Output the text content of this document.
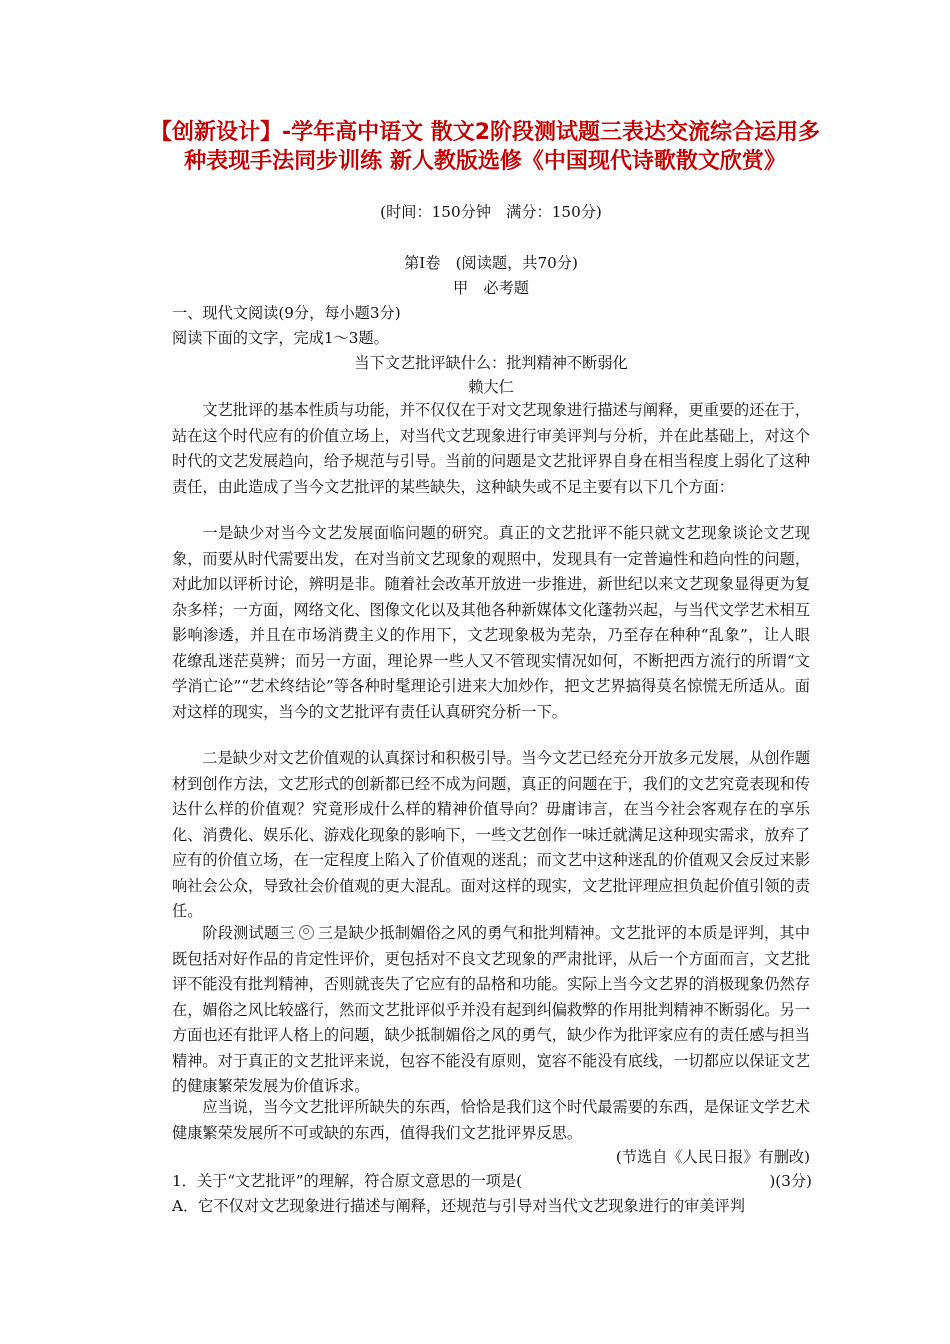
【创新设计】-学年高中语文 散文2阶段测试题三表达交流综合运用多种表现手法同步训练 新人教版选修《中国现代诗歌散文欣赏》
(时间：150分钟　满分：150分)
第Ⅰ卷　(阅读题，共70分)
甲　必考题
一、现代文阅读(9分，每小题3分)
阅读下面的文字，完成1～3题。
当下文艺批评缺什么：批判精神不断弱化
赖大仁
文艺批评的基本性质与功能，并不仅仅在于对文艺现象进行描述与阐释，更重要的还在于，站在这个时代应有的价值立场上，对当代文艺现象进行审美评判与分析，并在此基础上，对这个时代的文艺发展趋向，给予规范与引导。当前的问题是文艺批评界自身在相当程度上弱化了这种责任，由此造成了当今文艺批评的某些缺失，这种缺失或不足主要有以下几个方面：
一是缺少对当今文艺发展面临问题的研究。真正的文艺批评不能只就文艺现象谈论文艺现象，而要从时代需要出发，在对当前文艺现象的观照中，发现具有一定普遍性和趋向性的问题，对此加以评析讨论，辨明是非。随着社会改革开放进一步推进，新世纪以来文艺现象显得更为复杂多样；一方面，网络文化、图像文化以及其他各种新媒体文化蓬勃兴起，与当代文学艺术相互影响渗透，并且在市场消费主义的作用下，文艺现象极为芜杂，乃至存在种种“乱象”，让人眼花缭乱迷茫莫辨；而另一方面，理论界一些人又不管现实情况如何，不断把西方流行的所谓“文学消亡论”“艺术终结论”等各种时髦理论引进来大加炒作，把文艺界搞得莫名惊慌无所适从。面对这样的现实，当今的文艺批评有责任认真研究分析一下。
二是缺少对文艺价值观的认真探讨和积极引导。当今文艺已经充分开放多元发展，从创作题材到创作方法，文艺形式的创新都已经不成为问题，真正的问题在于，我们的文艺究竟表现和传达什么样的价值观？究竟形成什么样的精神价值导向？毋庸讳言，在当今社会客观存在的享乐化、消费化、娱乐化、游戏化现象的影响下，一些文艺创作一味迁就满足这种现实需求，放弃了应有的价值立场，在一定程度上陷入了价值观的迷乱；而文艺中这种迷乱的价值观又会反过来影响社会公众，导致社会价值观的更大混乱。面对这样的现实，文艺批评理应担负起价值引领的责任。
阶段测试题三 三是缺少抵制媚俗之风的勇气和批判精神。文艺批评的本质是评判，其中既包括对好作品的肯定性评价，更包括对不良文艺现象的严肃批评，从后一个方面而言，文艺批评不能没有批判精神，否则就丧失了它应有的品格和功能。实际上当今文艺界的消极现象仍然存在，媚俗之风比较盛行，然而文艺批评似乎并没有起到纠偏救弊的作用批判精神不断弱化。另一方面也还有批评人格上的问题，缺少抵制媚俗之风的勇气，缺少作为批评家应有的责任感与担当精神。对于真正的文艺批评来说，包容不能没有原则，宽容不能没有底线，一切都应以保证文艺的健康繁荣发展为价值诉求。
应当说，当今文艺批评所缺失的东西，恰恰是我们这个时代最需要的东西，是保证文学艺术健康繁荣发展所不可或缺的东西，值得我们文艺批评界反思。
(节选自《人民日报》有删改)
1．关于“文艺批评”的理解，符合原文意思的一项是(	)(3分)
A．它不仅对文艺现象进行描述与阐释，还规范与引导对当代文艺现象进行的审美评判
